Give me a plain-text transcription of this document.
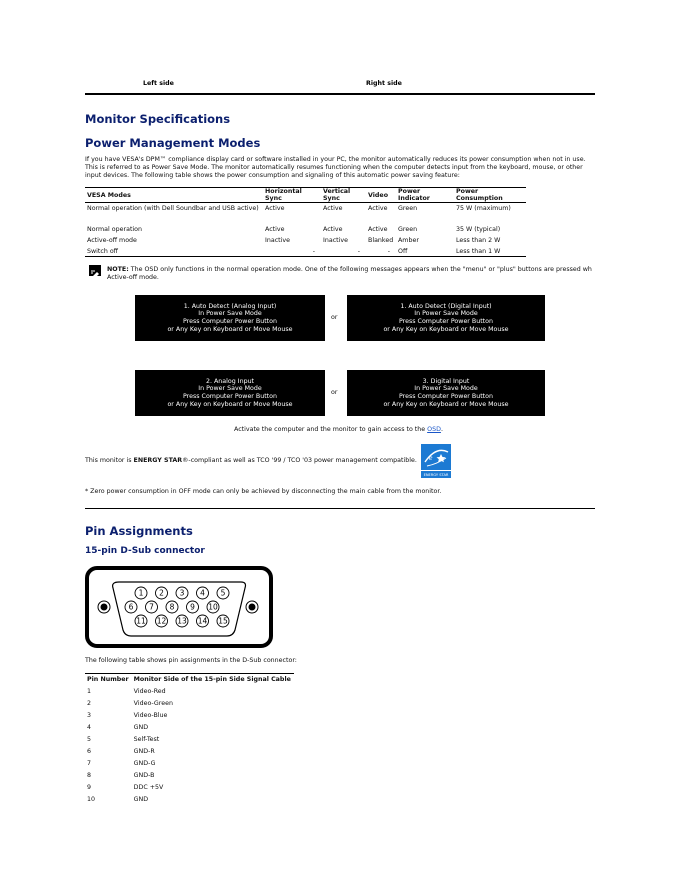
Left side	Right side
Monitor Specifications
Power Management Modes
If you have VESA's DPM™ compliance display card or software installed in your PC, the monitor automatically reduces its power consumption when not in use.
This is referred to as Power Save Mode. The monitor automatically resumes functioning when the computer detects input from the keyboard, mouse, or other
input devices. The following table shows the power consumption and signaling of this automatic power saving feature:
VESA Modes	Horizontal Sync	Vertical Sync	Video	Power Indicator	Power Consumption
Normal operation (with Dell Soundbar and USB active)	Active	Active	Active	Green	75 W (maximum)

Normal operation	Active	Active	Active	Green	35 W (typical)
Active-off mode	Inactive	Inactive	Blanked	Amber	Less than 2 W
Switch off	-	-	-	Off	Less than 1 W
NOTE: The OSD only functions in the normal operation mode. One of the following messages appears when the "menu" or "plus" buttons are pressed wh
Active-off mode.
1. Auto Detect (Analog Input)
In Power Save Mode
Press Computer Power Button
or Any Key on Keyboard or Move Mouse
or
1. Auto Detect (Digital Input)
In Power Save Mode
Press Computer Power Button
or Any Key on Keyboard or Move Mouse
2. Analog Input
In Power Save Mode
Press Computer Power Button
or Any Key on Keyboard or Move Mouse
or
3. Digital Input
In Power Save Mode
Press Computer Power Button
or Any Key on Keyboard or Move Mouse
Activate the computer and the monitor to gain access to the OSD.
This monitor is ENERGY STAR®-compliant as well as TCO '99 / TCO '03 power management compatible. e
ENERGY STAR
* Zero power consumption in OFF mode can only be achieved by disconnecting the main cable from the monitor.
Pin Assignments
15-pin D-Sub connector
1 2 3 4 5
6 7 8 9 10
11 12 13 14 15
The following table shows pin assignments in the D-Sub connector:
Pin Number	Monitor Side of the 15-pin Side Signal Cable
1	Video-Red
2	Video-Green
3	Video-Blue
4	GND
5	Self-Test
6	GND-R
7	GND-G
8	GND-B
9	DDC +5V
10	GND
